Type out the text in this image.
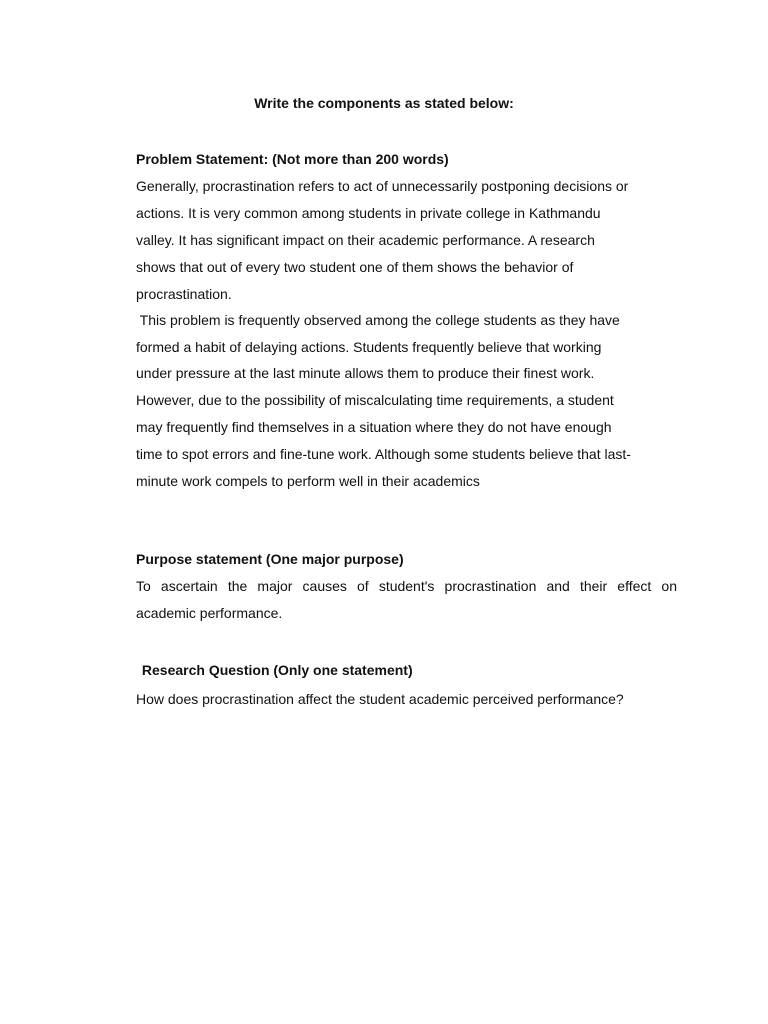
Write the components as stated below:
Problem Statement: (Not more than 200 words)
Generally, procrastination refers to act of unnecessarily postponing decisions or
actions. It is very common among students in private college in Kathmandu
valley. It has significant impact on their academic performance. A research
shows that out of every two student one of them shows the behavior of
procrastination.
This problem is frequently observed among the college students as they have
formed a habit of delaying actions. Students frequently believe that working
under pressure at the last minute allows them to produce their finest work.
However, due to the possibility of miscalculating time requirements, a student
may frequently find themselves in a situation where they do not have enough
time to spot errors and fine-tune work. Although some students believe that last-
minute work compels to perform well in their academics
Purpose statement (One major purpose)
To ascertain the major causes of student's procrastination and their effect on
academic performance.
Research Question (Only one statement)
How does procrastination affect the student academic perceived performance?
